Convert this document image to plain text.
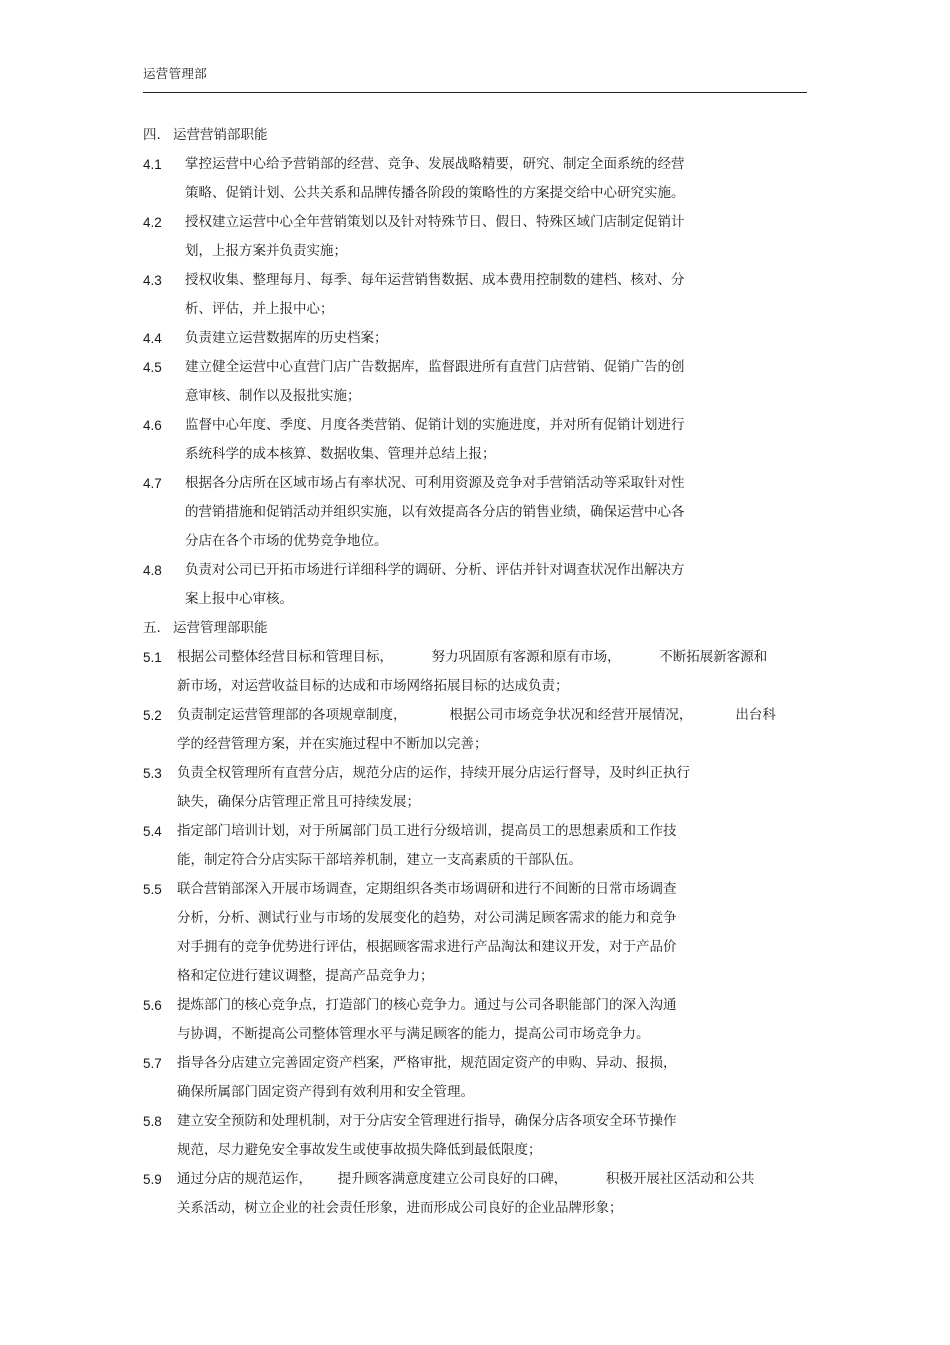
运营管理部
四. 运营营销部职能
4.1 掌控运营中心给予营销部的经营、竞争、发展战略精要，研究、制定全面系统的经营
策略、促销计划、公共关系和品牌传播各阶段的策略性的方案提交给中心研究实施。
4.2 授权建立运营中心全年营销策划以及针对特殊节日、假日、特殊区域门店制定促销计
划，上报方案并负责实施；
4.3 授权收集、整理每月、每季、每年运营销售数据、成本费用控制数的建档、核对、分
析、评估，并上报中心；
4.4 负责建立运营数据库的历史档案；
4.5 建立健全运营中心直营门店广告数据库，监督跟进所有直营门店营销、促销广告的创
意审核、制作以及报批实施；
4.6 监督中心年度、季度、月度各类营销、促销计划的实施进度，并对所有促销计划进行
系统科学的成本核算、数据收集、管理并总结上报；
4.7 根据各分店所在区域市场占有率状况、可利用资源及竞争对手营销活动等采取针对性
的营销措施和促销活动并组织实施，以有效提高各分店的销售业绩，确保运营中心各
分店在各个市场的优势竞争地位。
4.8 负责对公司已开拓市场进行详细科学的调研、分析、评估并针对调查状况作出解决方
案上报中心审核。
五. 运营管理部职能
5.1 根据公司整体经营目标和管理目标，         努力巩固原有客源和原有市场，         不断拓展新客源和
新市场，对运营收益目标的达成和市场网络拓展目标的达成负责；
5.2 负责制定运营管理部的各项规章制度，          根据公司市场竞争状况和经营开展情况，          出台科
学的经营管理方案，并在实施过程中不断加以完善；
5.3 负责全权管理所有直营分店，规范分店的运作，持续开展分店运行督导，及时纠正执行
缺失，确保分店管理正常且可持续发展；
5.4 指定部门培训计划，对于所属部门员工进行分级培训，提高员工的思想素质和工作技
能，制定符合分店实际干部培养机制，建立一支高素质的干部队伍。
5.5 联合营销部深入开展市场调查，定期组织各类市场调研和进行不间断的日常市场调查
分析，分析、测试行业与市场的发展变化的趋势，对公司满足顾客需求的能力和竞争
对手拥有的竞争优势进行评估，根据顾客需求进行产品淘汰和建议开发，对于产品价
格和定位进行建议调整，提高产品竞争力；
5.6 提炼部门的核心竞争点，打造部门的核心竞争力。通过与公司各职能部门的深入沟通
与协调，不断提高公司整体管理水平与满足顾客的能力，提高公司市场竞争力。
5.7 指导各分店建立完善固定资产档案，严格审批，规范固定资产的申购、异动、报损，
确保所属部门固定资产得到有效利用和安全管理。
5.8 建立安全预防和处理机制，对于分店安全管理进行指导，确保分店各项安全环节操作
规范，尽力避免安全事故发生或使事故损失降低到最低限度；
5.9 通过分店的规范运作，      提升顾客满意度建立公司良好的口碑，         积极开展社区活动和公共
关系活动，树立企业的社会责任形象，进而形成公司良好的企业品牌形象；
